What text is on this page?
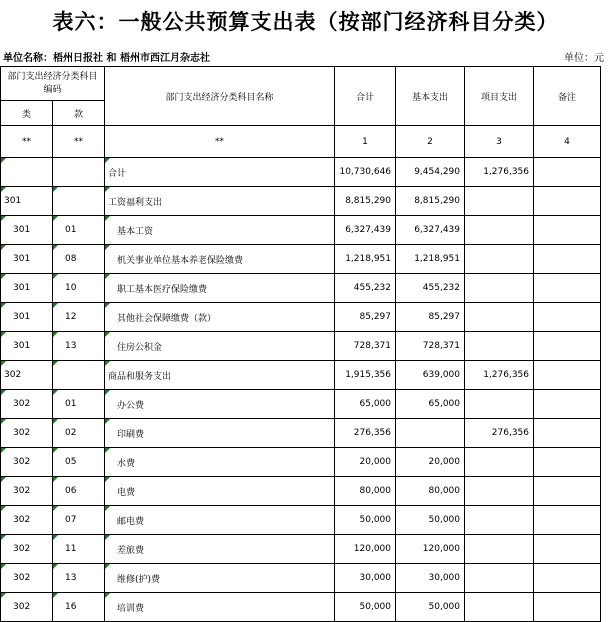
表六：一般公共预算支出表（按部门经济科目分类）
单位名称：梧州日报社 和 梧州市西江月杂志社	单位：元
部门支出经济分类科目编码		部门支出经济分类科目名称	合计	基本支出	项目支出	备注
类	款					
**	**	**	1	2	3	4
		合计	10,730,646	9,454,290	1,276,356	
301		工资福利支出	8,815,290	8,815,290		
301	01	基本工资	6,327,439	6,327,439		
301	08	机关事业单位基本养老保险缴费	1,218,951	1,218,951		
301	10	职工基本医疗保险缴费	455,232	455,232		
301	12	其他社会保障缴费（款）	85,297	85,297		
301	13	住房公积金	728,371	728,371		
302		商品和服务支出	1,915,356	639,000	1,276,356	
302	01	办公费	65,000	65,000		
302	02	印刷费	276,356		276,356	
302	05	水费	20,000	20,000		
302	06	电费	80,000	80,000		
302	07	邮电费	50,000	50,000		
302	11	差旅费	120,000	120,000		
302	13	维修(护)费	30,000	30,000		
302	16	培训费	50,000	50,000		
